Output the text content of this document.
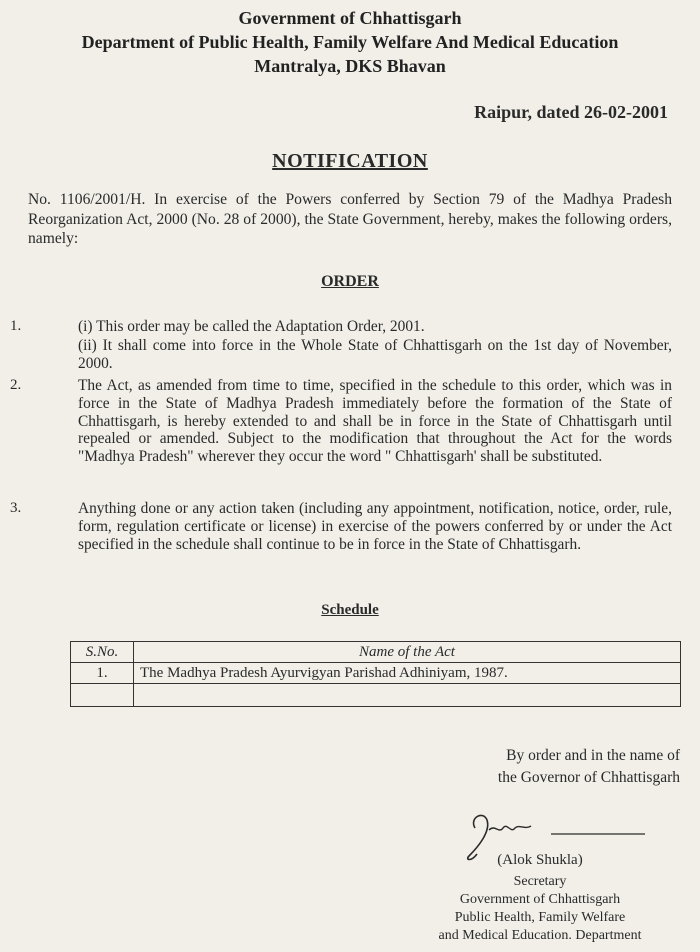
Government of Chhattisgarh
Department of Public Health, Family Welfare And Medical Education
Mantralya, DKS Bhavan
Raipur, dated 26-02-2001
NOTIFICATION
No. 1106/2001/H. In exercise of the Powers conferred by Section 79 of the Madhya Pradesh Reorganization Act, 2000 (No. 28 of 2000), the State Government, hereby, makes the following orders, namely:
ORDER
1.	(i) This order may be called the Adaptation Order, 2001.
(ii) It shall come into force in the Whole State of Chhattisgarh on the 1st day of November, 2000.
2.	The Act, as amended from time to time, specified in the schedule to this order, which was in force in the State of Madhya Pradesh immediately before the formation of the State of Chhattisgarh, is hereby extended to and shall be in force in the State of Chhattisgarh until repealed or amended. Subject to the modification that throughout the Act for the words "Madhya Pradesh" wherever they occur the word " Chhattisgarh' shall be substituted.
3.	Anything done or any action taken (including any appointment, notification, notice, order, rule, form, regulation certificate or license) in exercise of the powers conferred by or under the Act specified in the schedule shall continue to be in force in the State of Chhattisgarh.
Schedule
S.No.	Name of the Act
1.	The Madhya Pradesh Ayurvigyan Parishad Adhiniyam, 1987.

By order and in the name of
the Governor of Chhattisgarh
(Alok Shukla)
Secretary
Government of Chhattisgarh
Public Health, Family Welfare
and Medical Education. Department
